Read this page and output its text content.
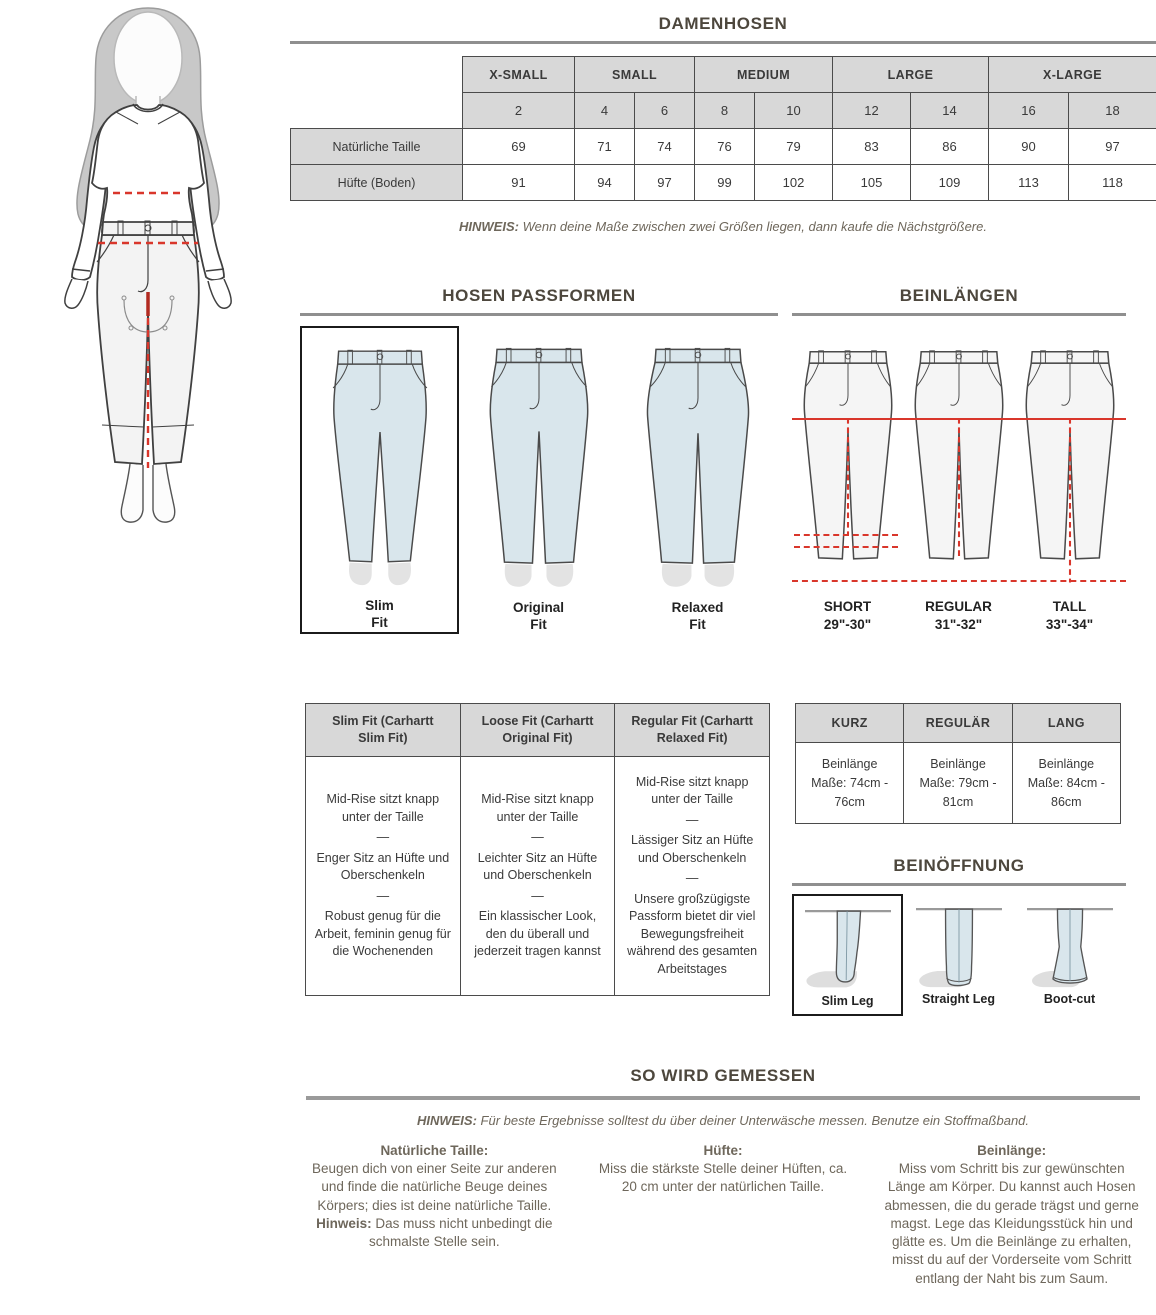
DAMENHOSEN
	X-SMALL	SMALL		MEDIUM		LARGE		X-LARGE	
	2	4	6	8	10	12	14	16	18
Natürliche Taille	69	71	74	76	79	83	86	90	97
Hüfte (Boden)	91	94	97	99	102	105	109	113	118
HINWEIS: Wenn deine Maße zwischen zwei Größen liegen, dann kaufe die Nächstgrößere.
HOSEN PASSFORMEN
Slim
Fit
Original
Fit
Relaxed
Fit
BEINLÄNGEN
SHORT
29"-30"
REGULAR
31"-32"
TALL
33"-34"
Slim Fit (Carhartt Slim Fit)	Loose Fit (Carhartt Original Fit)	Regular Fit (Carhartt Relaxed Fit)

Mid-Rise sitzt knapp unter der Taille
—
Enger Sitz an Hüfte und Oberschenkeln
—
Robust genug für die Arbeit, feminin genug für die Wochenenden

Mid-Rise sitzt knapp unter der Taille
—
Leichter Sitz an Hüfte und Oberschenkeln
—
Ein klassischer Look, den du überall und jederzeit tragen kannst

Mid-Rise sitzt knapp unter der Taille
—
Lässiger Sitz an Hüfte und Oberschenkeln
—
Unsere großzügigste Passform bietet dir viel Bewegungsfreiheit während des gesamten Arbeitstages
KURZ	REGULÄR	LANG
Beinlänge Maße: 74cm - 76cm	Beinlänge Maße: 79cm - 81cm	Beinlänge Maße: 84cm - 86cm
BEINÖFFNUNG
Slim Leg	Straight Leg	Boot-cut
SO WIRD GEMESSEN
HINWEIS: Für beste Ergebnisse solltest du über deiner Unterwäsche messen. Benutze ein Stoffmaßband.
Natürliche Taille:
Beugen dich von einer Seite zur anderen und finde die natürliche Beuge deines Körpers; dies ist deine natürliche Taille. Hinweis: Das muss nicht unbedingt die schmalste Stelle sein.
Hüfte:
Miss die stärkste Stelle deiner Hüften, ca. 20 cm unter der natürlichen Taille.
Beinlänge:
Miss vom Schritt bis zur gewünschten Länge am Körper. Du kannst auch Hosen abmessen, die du gerade trägst und gerne magst. Lege das Kleidungsstück hin und glätte es. Um die Beinlänge zu erhalten, misst du auf der Vorderseite vom Schritt entlang der Naht bis zum Saum.
